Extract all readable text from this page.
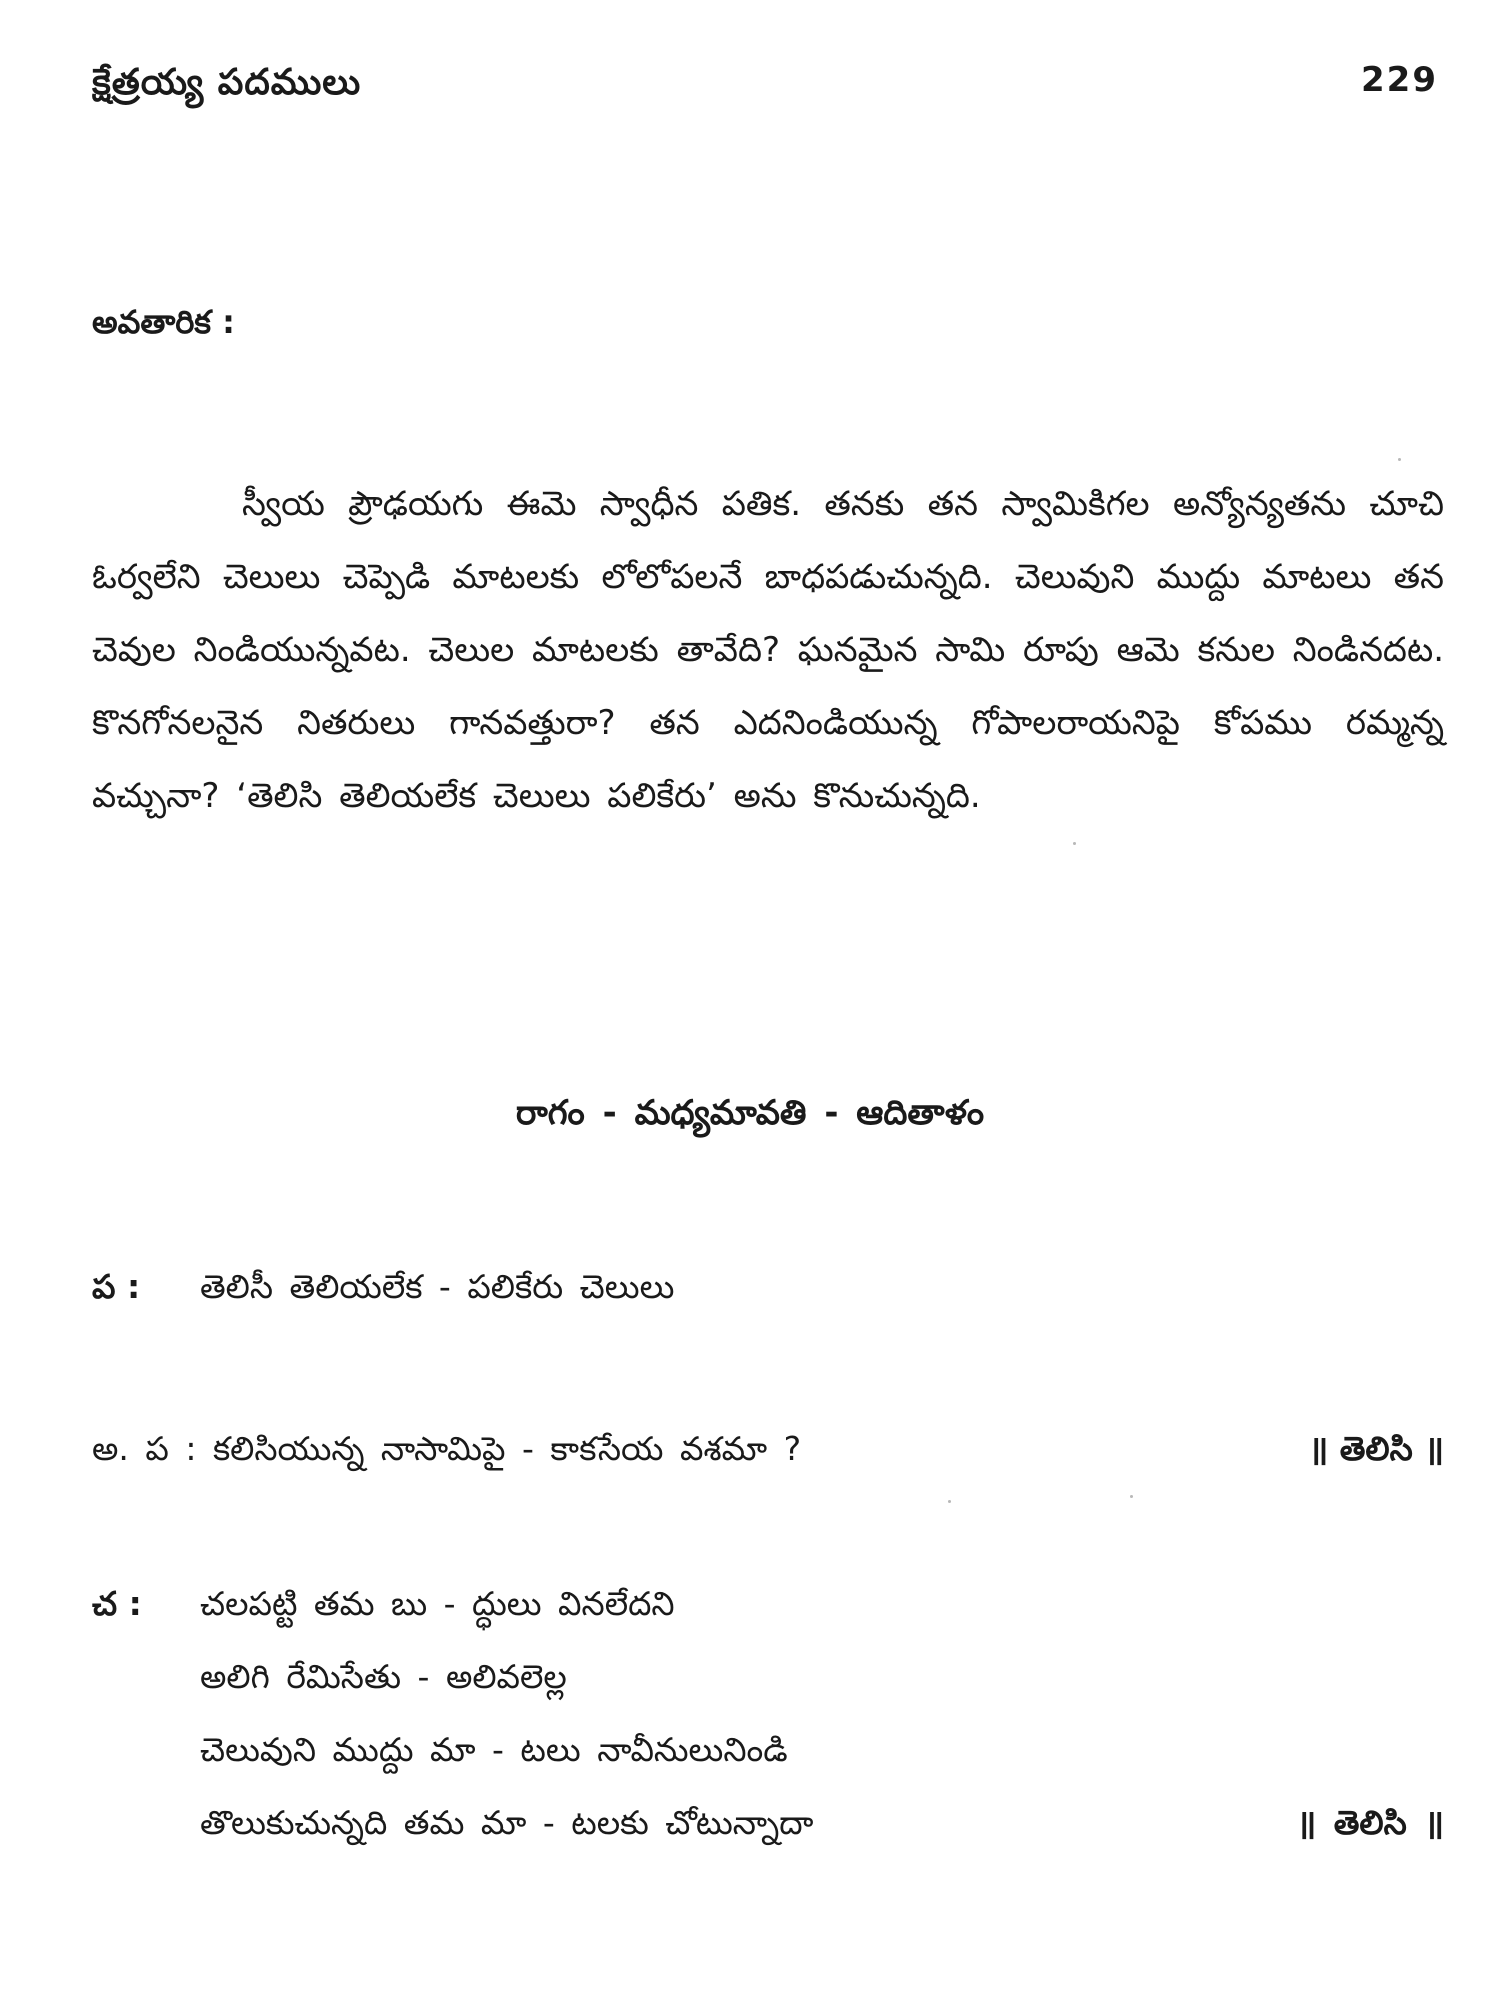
క్షేత్రయ్య పదములు	229
అవతారిక :

స్వీయ ప్రౌఢయగు ఈమె స్వాధీన పతిక. తనకు తన స్వామికిగల అన్యోన్యతను చూచి ఓర్వలేని చెలులు చెప్పెడి మాటలకు లోలోపలనే బాధపడుచున్నది. చెలువుని ముద్దు మాటలు తన చెవుల నిండియున్నవట. చెలుల మాటలకు తావేది? ఘనమైన సామి రూపు ఆమె కనుల నిండినదట. కొనగోనలనైన నితరులు గానవత్తురా? తన ఎదనిండియున్న గోపాలరాయనిపై కోపము రమ్మన్న వచ్చునా? ‘తెలిసి తెలియలేక చెలులు పలికేరు’ అను కొనుచున్నది.

రాగం - మధ్యమావతి - ఆదితాళం
ప : తెలిసీ తెలియలేక - పలికేరు చెలులు
అ. ప : కలిసియున్న నాసామిపై - కాకసేయ వశమా ?	॥ తెలిసి ॥
చ : చలపట్టి తమ బు - ద్ధులు వినలేదని
అలిగి రేమిసేతు - అలివలెల్ల
చెలువుని ముద్దు మా - టలు నావీనులునిండి
తొలుకుచున్నది తమ మా - టలకు చోటున్నాదా	॥ తెలిసి ॥
